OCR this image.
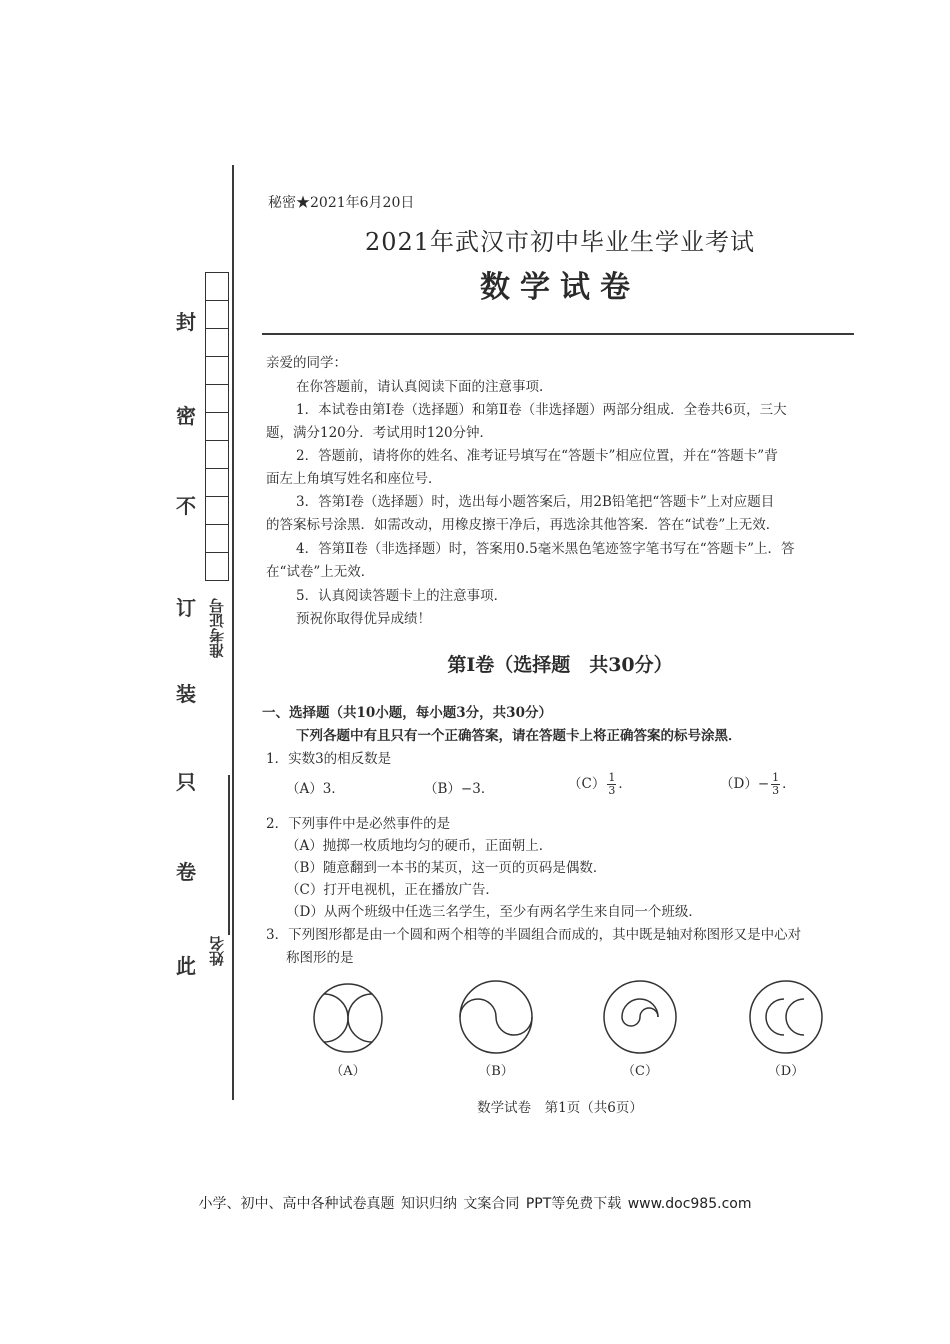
封
密
不
订
装
只
卷
此
准考证号
姓名
秘密★2021年6月20日
2021年武汉市初中毕业生学业考试
数学试卷
亲爱的同学：
在你答题前，请认真阅读下面的注意事项.
1．本试卷由第Ⅰ卷（选择题）和第Ⅱ卷（非选择题）两部分组成．全卷共6页，三大
题，满分120分．考试用时120分钟．
2．答题前，请将你的姓名、准考证号填写在“答题卡”相应位置，并在“答题卡”背
面左上角填写姓名和座位号．
3．答第Ⅰ卷（选择题）时，选出每小题答案后，用2B铅笔把“答题卡”上对应题目
的答案标号涂黑．如需改动，用橡皮擦干净后，再选涂其他答案．答在“试卷”上无效．
4．答第Ⅱ卷（非选择题）时，答案用0.5毫米黑色笔迹签字笔书写在“答题卡”上．答
在“试卷”上无效．
5．认真阅读答题卡上的注意事项．
预祝你取得优异成绩！
第Ⅰ卷（选择题　共30分）
一、选择题（共10小题，每小题3分，共30分）
下列各题中有且只有一个正确答案，请在答题卡上将正确答案的标号涂黑．
1．实数3的相反数是
（A）3．	（B）−3．	$(C) \frac{1}{3}$ ．	$(D)- \frac{1}{3}$ ．
2．下列事件中是必然事件的是
（A）抛掷一枚质地均匀的硬币，正面朝上．
（B）随意翻到一本书的某页，这一页的页码是偶数．
（C）打开电视机，正在播放广告．
（D）从两个班级中任选三名学生，至少有两名学生来自同一个班级．
3．下列图形都是由一个圆和两个相等的半圆组合而成的，其中既是轴对称图形又是中心对
称图形的是
（A）	（B）	（C）	（D）
数学试卷　第1页（共6页）
小学、初中、高中各种试卷真题 知识归纳 文案合同 PPT等免费下载 www.doc985.com
